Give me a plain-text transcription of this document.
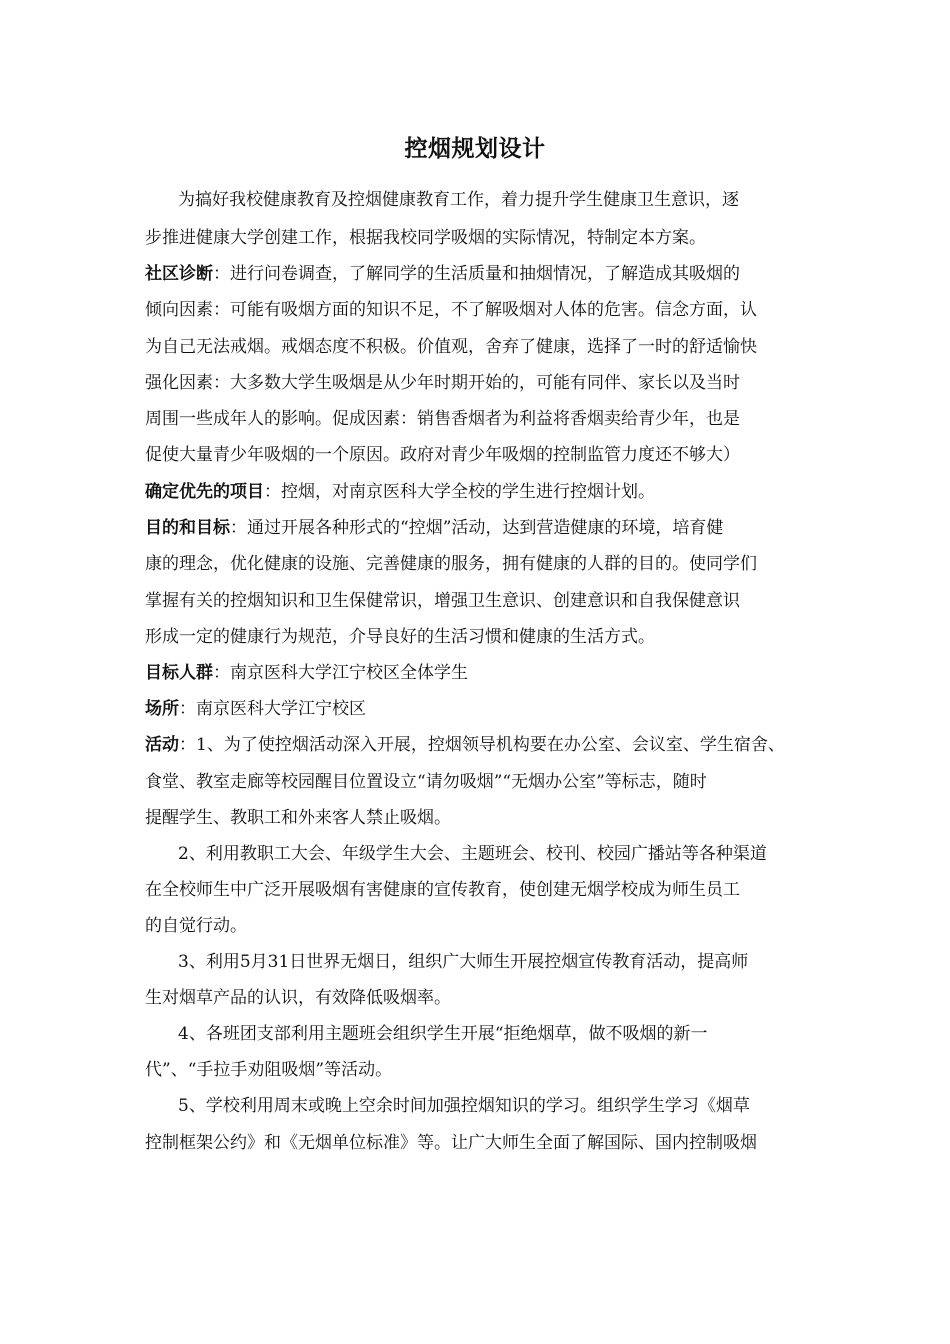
控烟规划设计
为搞好我校健康教育及控烟健康教育工作，着力提升学生健康卫生意识，逐
步推进健康大学创建工作，根据我校同学吸烟的实际情况，特制定本方案。
社区诊断：进行问卷调查，了解同学的生活质量和抽烟情况，了解造成其吸烟的
倾向因素：可能有吸烟方面的知识不足，不了解吸烟对人体的危害。信念方面，认
为自己无法戒烟。戒烟态度不积极。价值观，舍弃了健康，选择了一时的舒适愉快
强化因素：大多数大学生吸烟是从少年时期开始的，可能有同伴、家长以及当时
周围一些成年人的影响。促成因素：销售香烟者为利益将香烟卖给青少年，也是
促使大量青少年吸烟的一个原因。政府对青少年吸烟的控制监管力度还不够大）
确定优先的项目：控烟，对南京医科大学全校的学生进行控烟计划。
目的和目标：通过开展各种形式的“控烟”活动，达到营造健康的环境，培育健
康的理念，优化健康的设施、完善健康的服务，拥有健康的人群的目的。使同学们
掌握有关的控烟知识和卫生保健常识，增强卫生意识、创建意识和自我保健意识
形成一定的健康行为规范，介导良好的生活习惯和健康的生活方式。
目标人群：南京医科大学江宁校区全体学生
场所：南京医科大学江宁校区
活动：1、为了使控烟活动深入开展，控烟领导机构要在办公室、会议室、学生宿舍、
食堂、教室走廊等校园醒目位置设立“请勿吸烟”“无烟办公室”等标志，随时
提醒学生、教职工和外来客人禁止吸烟。
2、利用教职工大会、年级学生大会、主题班会、校刊、校园广播站等各种渠道
在全校师生中广泛开展吸烟有害健康的宣传教育，使创建无烟学校成为师生员工
的自觉行动。
3、利用5月31日世界无烟日，组织广大师生开展控烟宣传教育活动，提高师
生对烟草产品的认识，有效降低吸烟率。
4、各班团支部利用主题班会组织学生开展“拒绝烟草，做不吸烟的新一
代”、“手拉手劝阻吸烟”等活动。
5、学校利用周末或晚上空余时间加强控烟知识的学习。组织学生学习《烟草
控制框架公约》和《无烟单位标准》等。让广大师生全面了解国际、国内控制吸烟
